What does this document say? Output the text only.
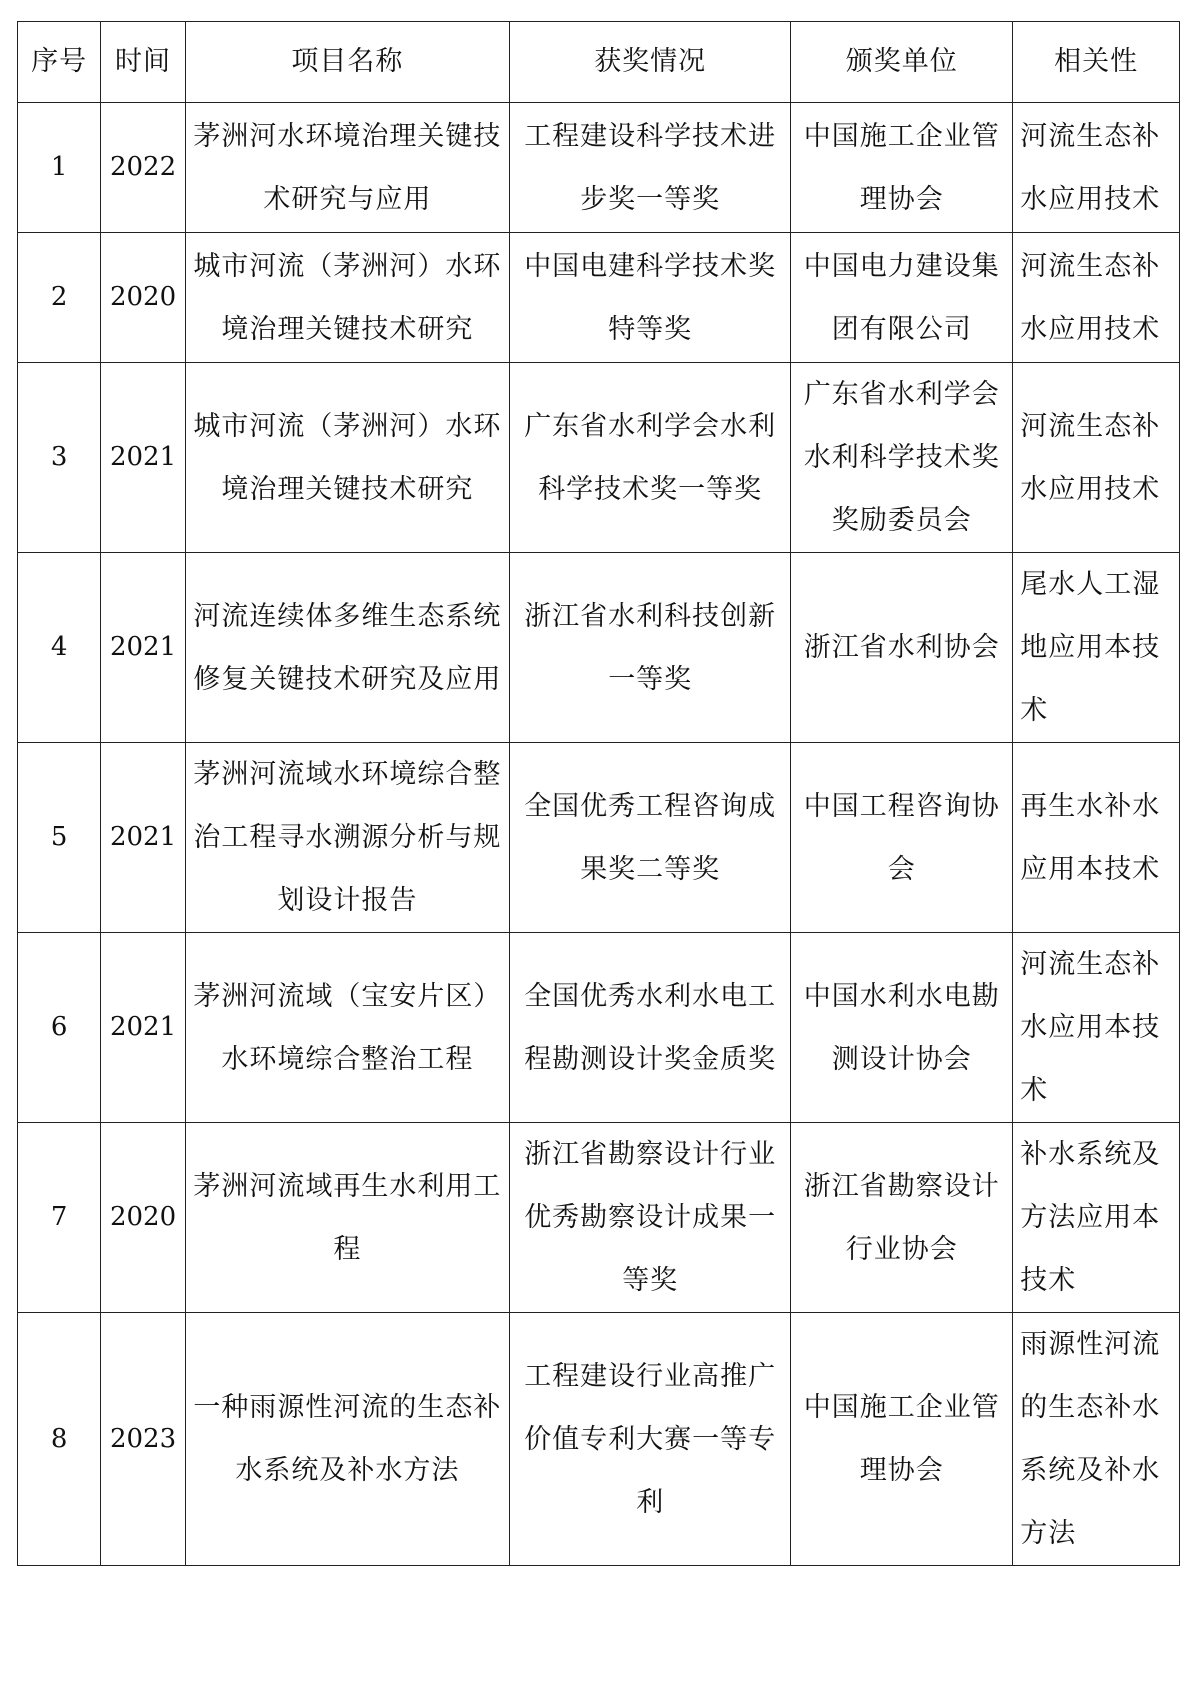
序号	时间	项目名称	获奖情况	颁奖单位	相关性
1	2022	茅洲河水环境治理关键技术研究与应用	工程建设科学技术进步奖一等奖	中国施工企业管理协会	河流生态补水应用技术
2	2020	城市河流（茅洲河）水环境治理关键技术研究	中国电建科学技术奖特等奖	中国电力建设集团有限公司	河流生态补水应用技术
3	2021	城市河流（茅洲河）水环境治理关键技术研究	广东省水利学会水利科学技术奖一等奖	广东省水利学会水利科学技术奖奖励委员会	河流生态补水应用技术
4	2021	河流连续体多维生态系统修复关键技术研究及应用	浙江省水利科技创新一等奖	浙江省水利协会	尾水人工湿地应用本技术
5	2021	茅洲河流域水环境综合整治工程寻水溯源分析与规划设计报告	全国优秀工程咨询成果奖二等奖	中国工程咨询协会	再生水补水应用本技术
6	2021	茅洲河流域（宝安片区）水环境综合整治工程	全国优秀水利水电工程勘测设计奖金质奖	中国水利水电勘测设计协会	河流生态补水应用本技术
7	2020	茅洲河流域再生水利用工程	浙江省勘察设计行业优秀勘察设计成果一等奖	浙江省勘察设计行业协会	补水系统及方法应用本技术
8	2023	一种雨源性河流的生态补水系统及补水方法	工程建设行业高推广价值专利大赛一等专利	中国施工企业管理协会	雨源性河流的生态补水系统及补水方法
